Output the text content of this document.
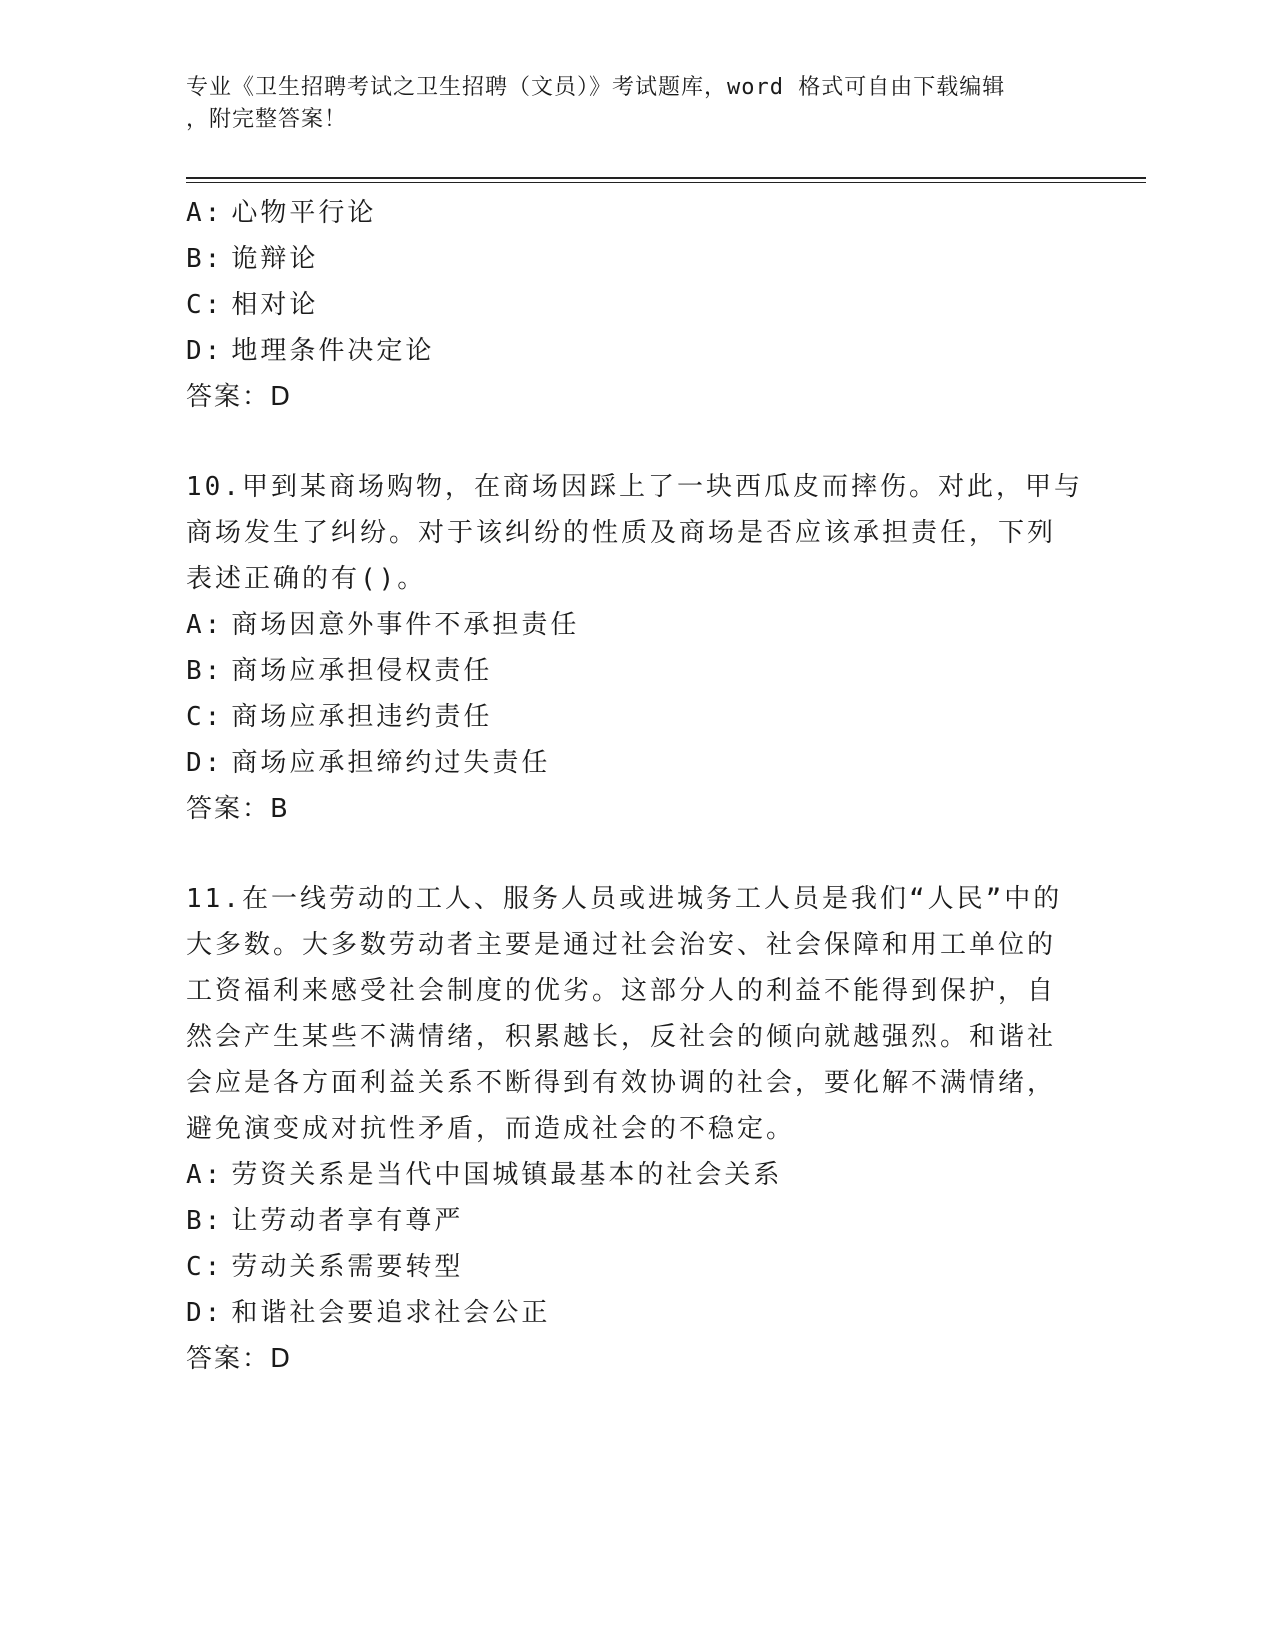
专业《卫生招聘考试之卫生招聘（文员）》考试题库，word 格式可自由下载编辑
，附完整答案！
A: 心物平行论
B: 诡辩论
C: 相对论
D: 地理条件决定论
答案：D
10.甲到某商场购物，在商场因踩上了一块西瓜皮而摔伤。对此，甲与
商场发生了纠纷。对于该纠纷的性质及商场是否应该承担责任，下列
表述正确的有()。
A: 商场因意外事件不承担责任
B: 商场应承担侵权责任
C: 商场应承担违约责任
D: 商场应承担缔约过失责任
答案：B
11.在一线劳动的工人、服务人员或进城务工人员是我们“人民”中的
大多数。大多数劳动者主要是通过社会治安、社会保障和用工单位的
工资福利来感受社会制度的优劣。这部分人的利益不能得到保护，自
然会产生某些不满情绪，积累越长，反社会的倾向就越强烈。和谐社
会应是各方面利益关系不断得到有效协调的社会，要化解不满情绪，
避免演变成对抗性矛盾，而造成社会的不稳定。
A: 劳资关系是当代中国城镇最基本的社会关系
B: 让劳动者享有尊严
C: 劳动关系需要转型
D: 和谐社会要追求社会公正
答案：D
